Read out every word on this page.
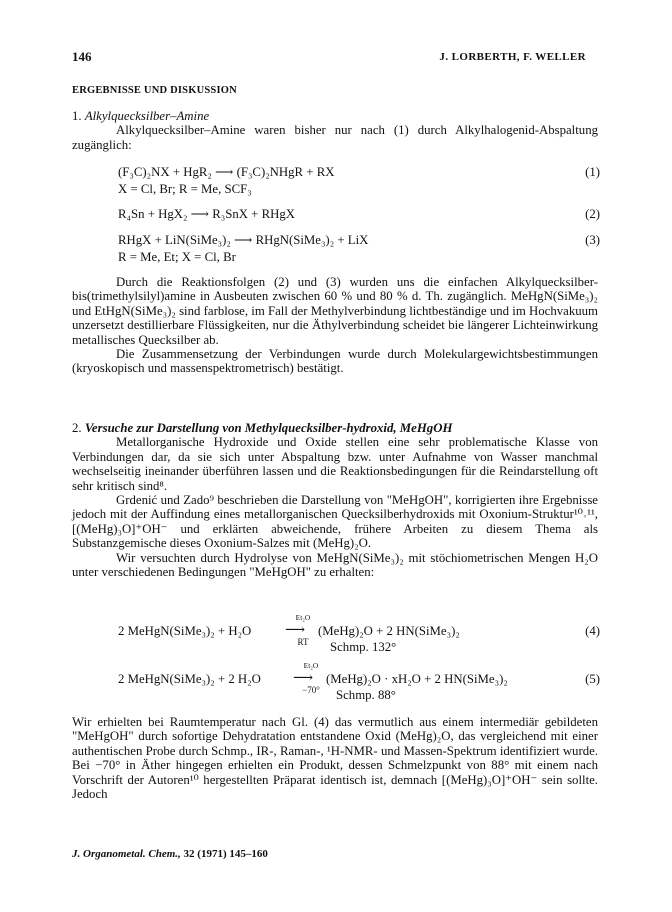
146	J. LORBERTH, F. WELLER
ERGEBNISSE UND DISKUSSION

1. Alkylquecksilber–Amine

Alkylquecksilber–Amine waren bisher nur nach (1) durch Alkylhalogenid-Abspaltung zugänglich:

(F₃C)₂NX + HgR₂ ⟶ (F₃C)₂NHgR + RX	(1)
X = Cl, Br; R = Me, SCF₃
R₄Sn + HgX₂ ⟶ R₃SnX + RHgX	(2)
RHgX + LiN(SiMe₃)₂ ⟶ RHgN(SiMe₃)₂ + LiX	(3)
R = Me, Et; X = Cl, Br

Durch die Reaktionsfolgen (2) und (3) wurden uns die einfachen Alkylquecksilber-bis(trimethylsilyl)amine in Ausbeuten zwischen 60 % und 80 % d. Th. zugänglich. MeHgN(SiMe₃)₂ und EtHgN(SiMe₃)₂ sind farblose, im Fall der Methylverbindung lichtbeständige und im Hochvakuum unzersetzt destillierbare Flüssigkeiten, nur die Äthylverbindung scheidet bie längerer Lichteinwirkung metallisches Quecksilber ab.

Die Zusammensetzung der Verbindungen wurde durch Molekulargewichtsbestimmungen (kryoskopisch und massenspektrometrisch) bestätigt.

2. Versuche zur Darstellung von Methylquecksilber-hydroxid, MeHgOH

Metallorganische Hydroxide und Oxide stellen eine sehr problematische Klasse von Verbindungen dar, da sie sich unter Abspaltung bzw. unter Aufnahme von Wasser manchmal wechselseitig ineinander überführen lassen und die Reaktionsbedingungen für die Reindarstellung oft sehr kritisch sind⁸.

Grdenić und Zado⁹ beschrieben die Darstellung von "MeHgOH", korrigierten ihre Ergebnisse jedoch mit der Auffindung eines metallorganischen Quecksilberhydroxids mit Oxonium-Struktur¹⁰˒¹¹, [(MeHg)₃O]⁺OH⁻ und erklärten abweichende, frühere Arbeiten zu diesem Thema als Substanzgemische dieses Oxonium-Salzes mit (MeHg)₂O.

Wir versuchten durch Hydrolyse von MeHgN(SiMe₃)₂ mit stöchiometrischen Mengen H₂O unter verschiedenen Bedingungen "MeHgOH" zu erhalten:

2 MeHgN(SiMe₃)₂ + H₂O
Et₂O
⟶
RT
(MeHg)₂O + 2 HN(SiMe₃)₂
Schmp. 132°
(4)
2 MeHgN(SiMe₃)₂ + 2 H₂O
Et₂O
⟶
−70°
(MeHg)₂O · xH₂O + 2 HN(SiMe₃)₂
Schmp. 88°
(5)

Wir erhielten bei Raumtemperatur nach Gl. (4) das vermutlich aus einem intermediär gebildeten "MeHgOH" durch sofortige Dehydratation entstandene Oxid (MeHg)₂O, das vergleichend mit einer authentischen Probe durch Schmp., IR-, Raman-, ¹H-NMR- und Massen-Spektrum identifiziert wurde. Bei −70° in Äther hingegen erhielten ein Produkt, dessen Schmelzpunkt von 88° mit einem nach Vorschrift der Autoren¹⁰ hergestellten Präparat identisch ist, demnach [(MeHg)₃O]⁺OH⁻ sein sollte. Jedoch

J. Organometal. Chem., 32 (1971) 145–160
